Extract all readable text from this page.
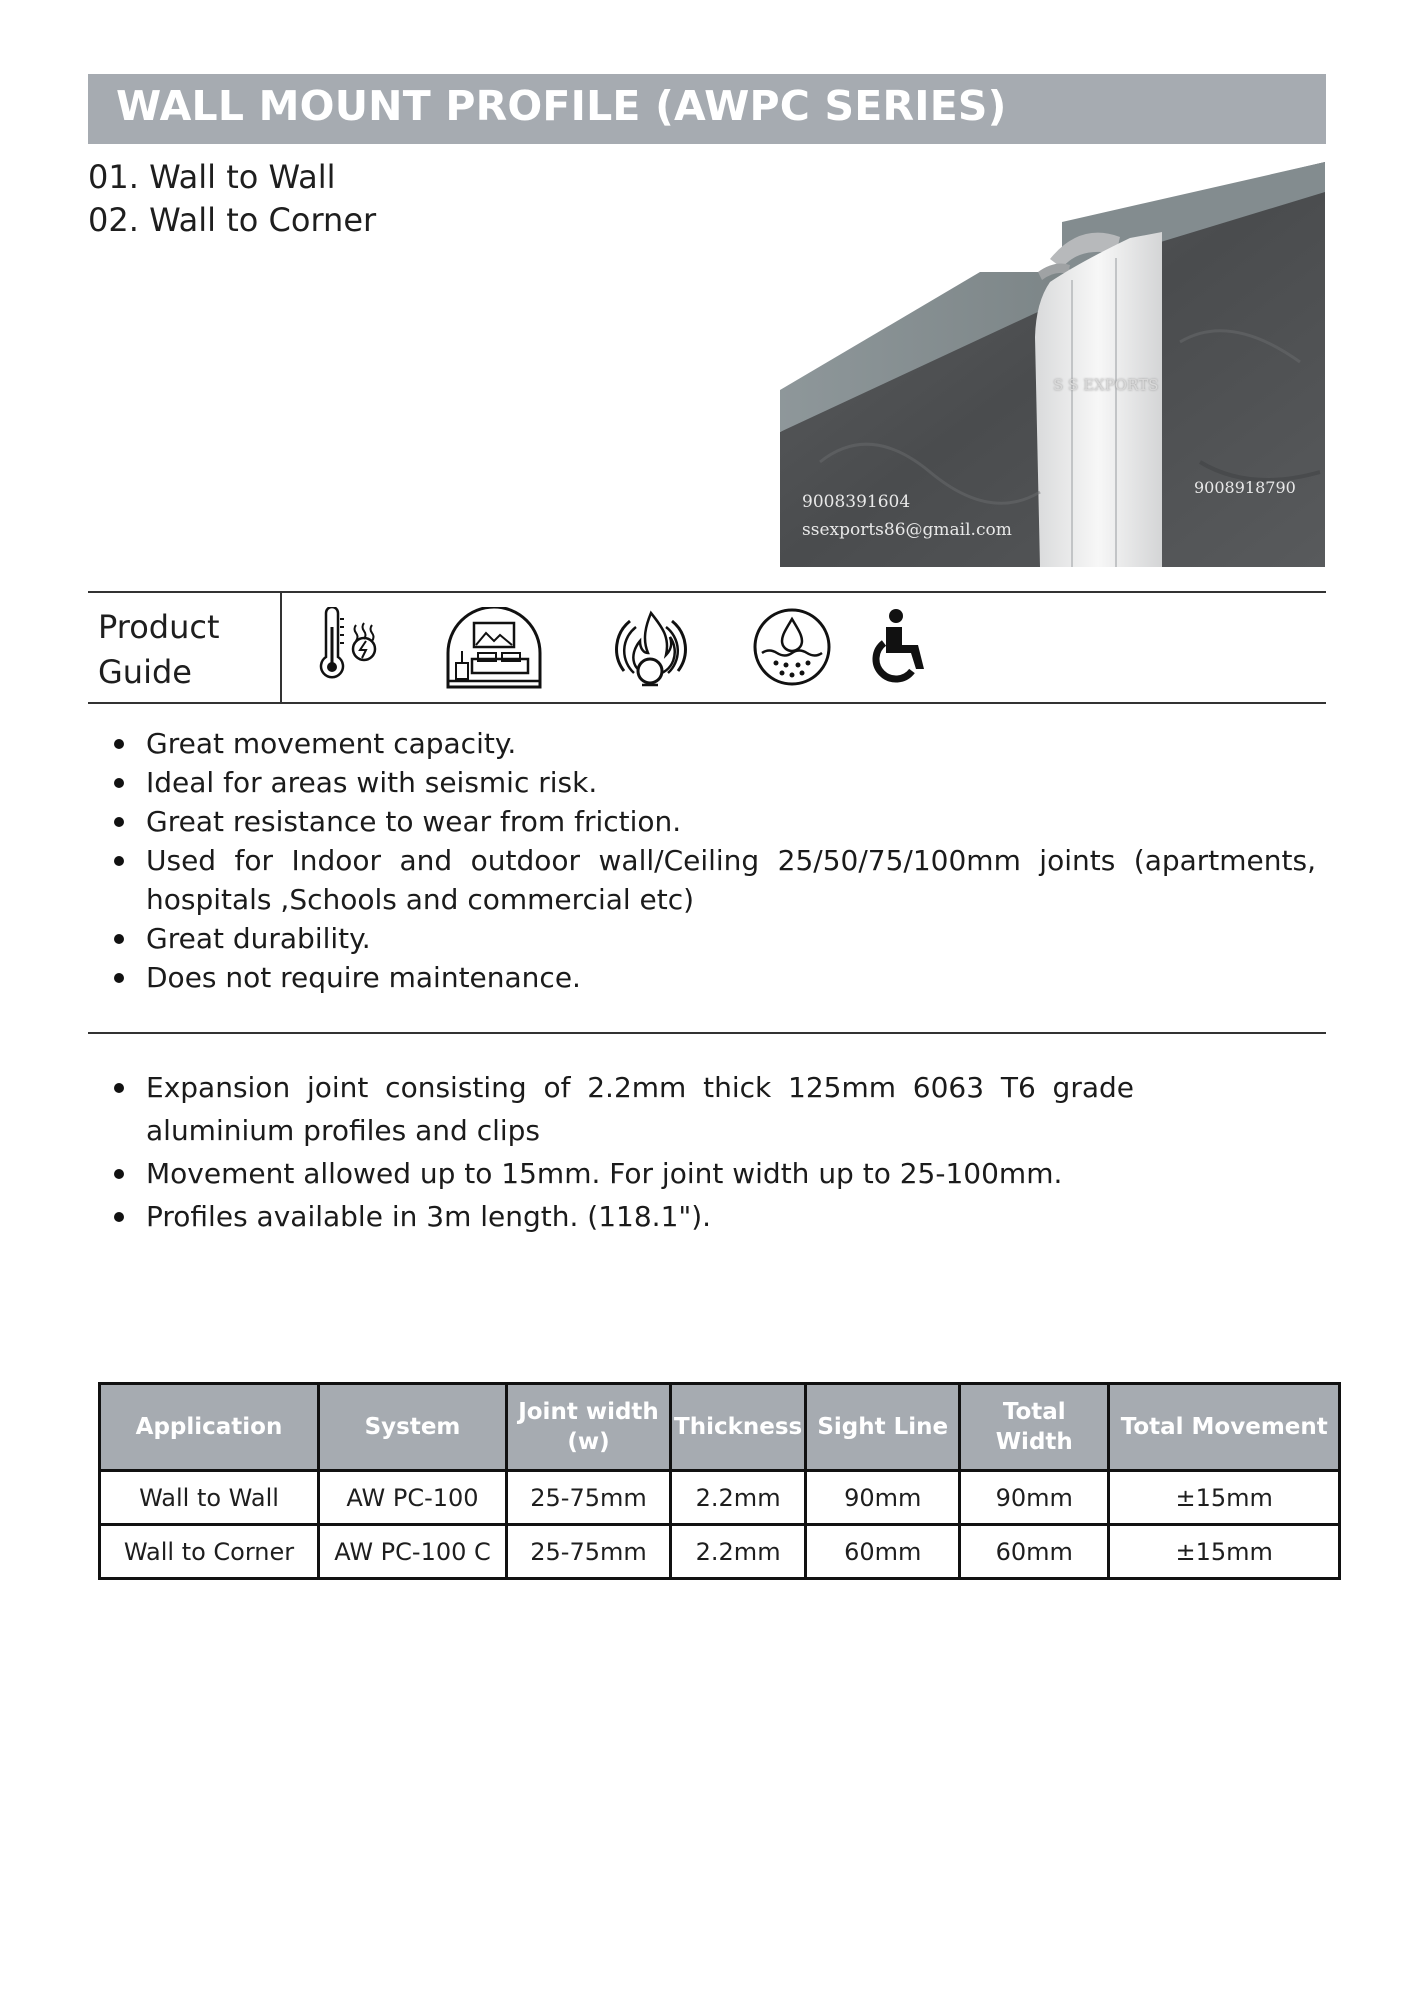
WALL MOUNT PROFILE (AWPC SERIES)
01. Wall to Wall
02. Wall to Corner
S S EXPORTS
9008391604
ssexports86@gmail.com
9008918790
Product
Guide
Great movement capacity.
Ideal for areas with seismic risk.
Great resistance to wear from friction.
Used for Indoor and outdoor wall/Ceiling 25/50/75/100mm joints (apartments, hospitals ,Schools and commercial etc)
Great durability.
Does not require maintenance.
Expansion joint consisting of 2.2mm thick 125mm 6063 T6 grade aluminium profiles and clips
Movement allowed up to 15mm. For joint width up to 25-100mm.
Profiles available in 3m length. (118.1").
Application	System	Joint width (w)	Thickness	Sight Line	Total Width	Total Movement
Wall to Wall	AW PC-100	25-75mm	2.2mm	90mm	90mm	±15mm
Wall to Corner	AW PC-100 C	25-75mm	2.2mm	60mm	60mm	±15mm
